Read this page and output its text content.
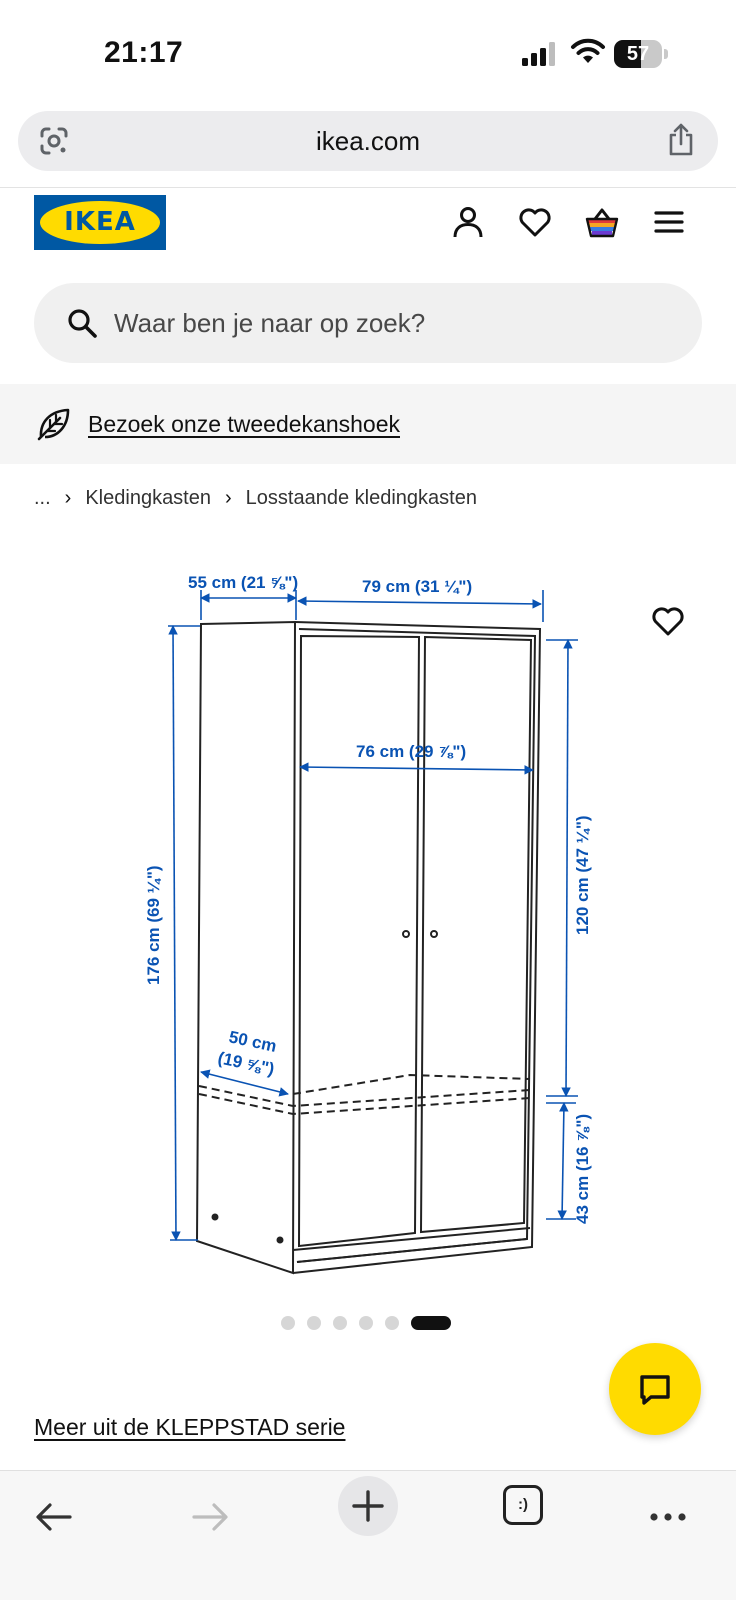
21:17	57
ikea.com
IKEA
Waar ben je naar op zoek?
Bezoek onze tweedekanshoek
... › Kledingkasten › Losstaande kledingkasten
55 cm (21 ⅝")	79 cm (31 ¼")
76 cm (29 ⅞")
176 cm (69 ¼")	120 cm (47 ¼")
43 cm (16 ⅞")
50 cm
(19 ⅝")
Meer uit de KLEPPSTAD serie
:)
